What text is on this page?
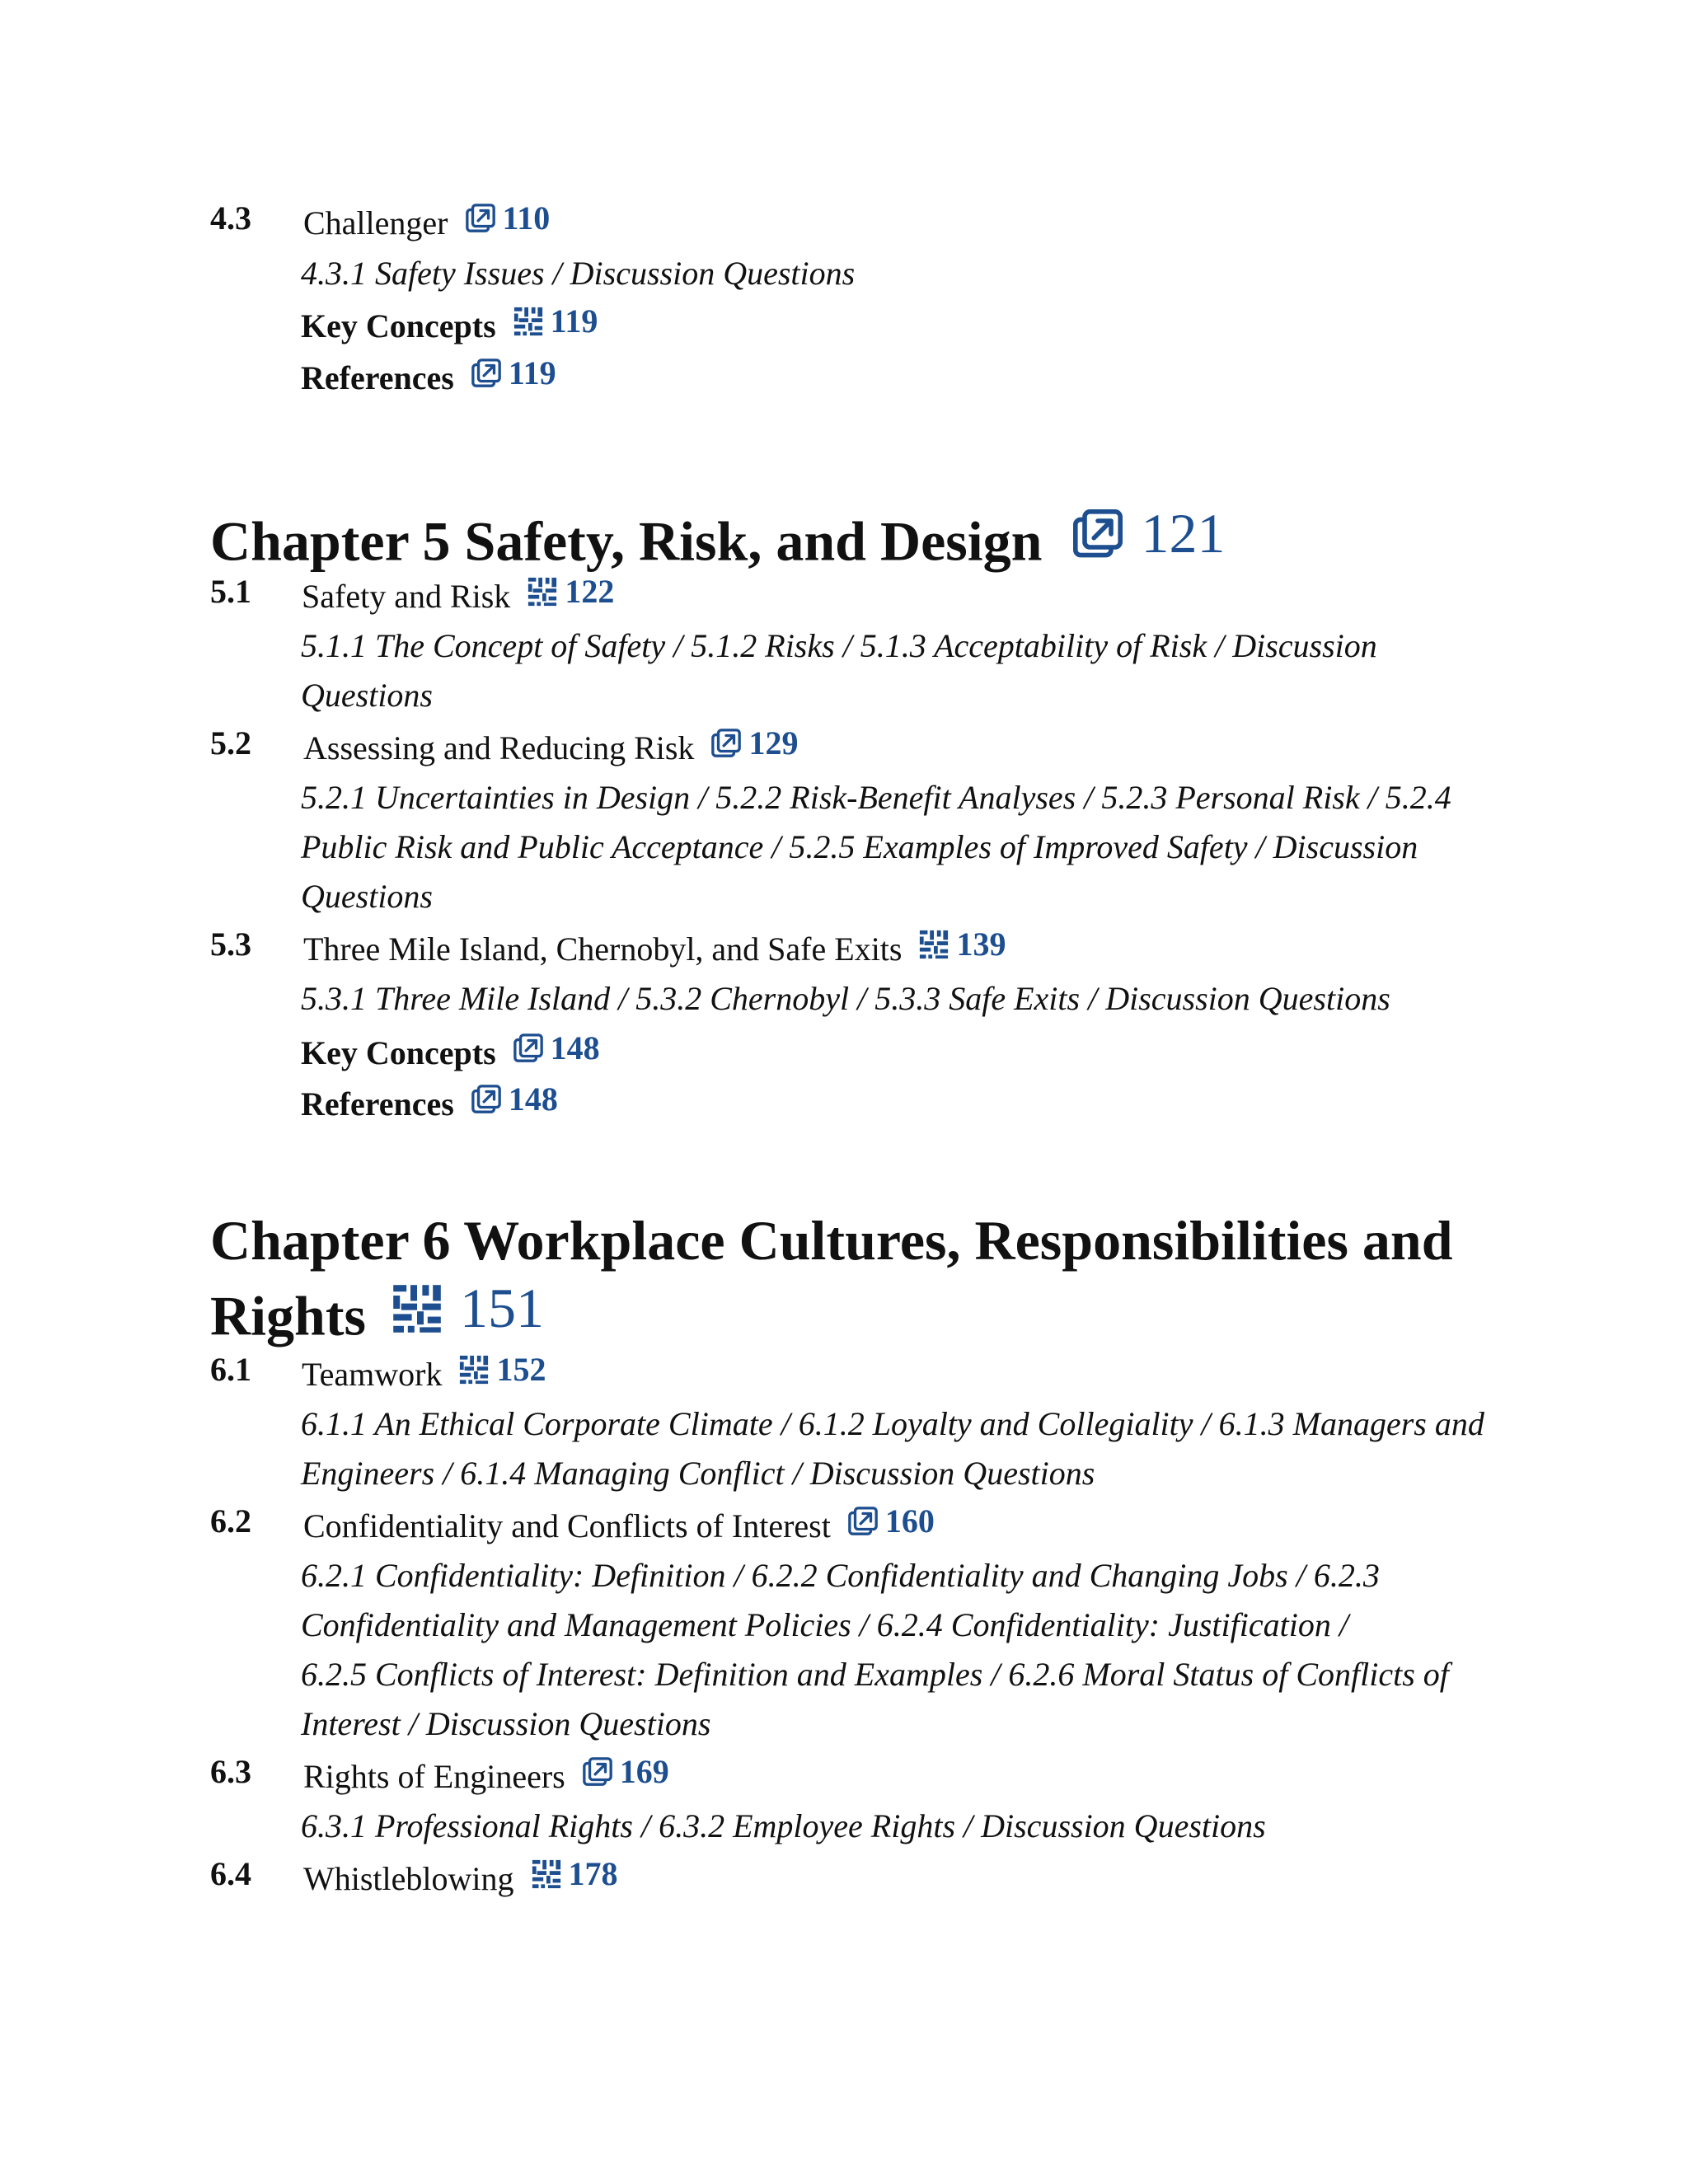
4.3 Challenger 110
4.3.1 Safety Issues / Discussion Questions
Key Concepts 119
References 119
Chapter 5 Safety, Risk, and Design 121
5.1 Safety and Risk 122
5.1.1 The Concept of Safety / 5.1.2 Risks / 5.1.3 Acceptability of Risk / Discussion
Questions
5.2 Assessing and Reducing Risk 129
5.2.1 Uncertainties in Design / 5.2.2 Risk-Benefit Analyses / 5.2.3 Personal Risk / 5.2.4
Public Risk and Public Acceptance / 5.2.5 Examples of Improved Safety / Discussion
Questions
5.3 Three Mile Island, Chernobyl, and Safe Exits 139
5.3.1 Three Mile Island / 5.3.2 Chernobyl / 5.3.3 Safe Exits / Discussion Questions
Key Concepts 148
References 148
Chapter 6 Workplace Cultures, Responsibilities and
Rights 151
6.1 Teamwork 152
6.1.1 An Ethical Corporate Climate / 6.1.2 Loyalty and Collegiality / 6.1.3 Managers and
Engineers / 6.1.4 Managing Conflict / Discussion Questions
6.2 Confidentiality and Conflicts of Interest 160
6.2.1 Confidentiality: Definition / 6.2.2 Confidentiality and Changing Jobs / 6.2.3
Confidentiality and Management Policies / 6.2.4 Confidentiality: Justification /
6.2.5 Conflicts of Interest: Definition and Examples / 6.2.6 Moral Status of Conflicts of
Interest / Discussion Questions
6.3 Rights of Engineers 169
6.3.1 Professional Rights / 6.3.2 Employee Rights / Discussion Questions
6.4 Whistleblowing 178
